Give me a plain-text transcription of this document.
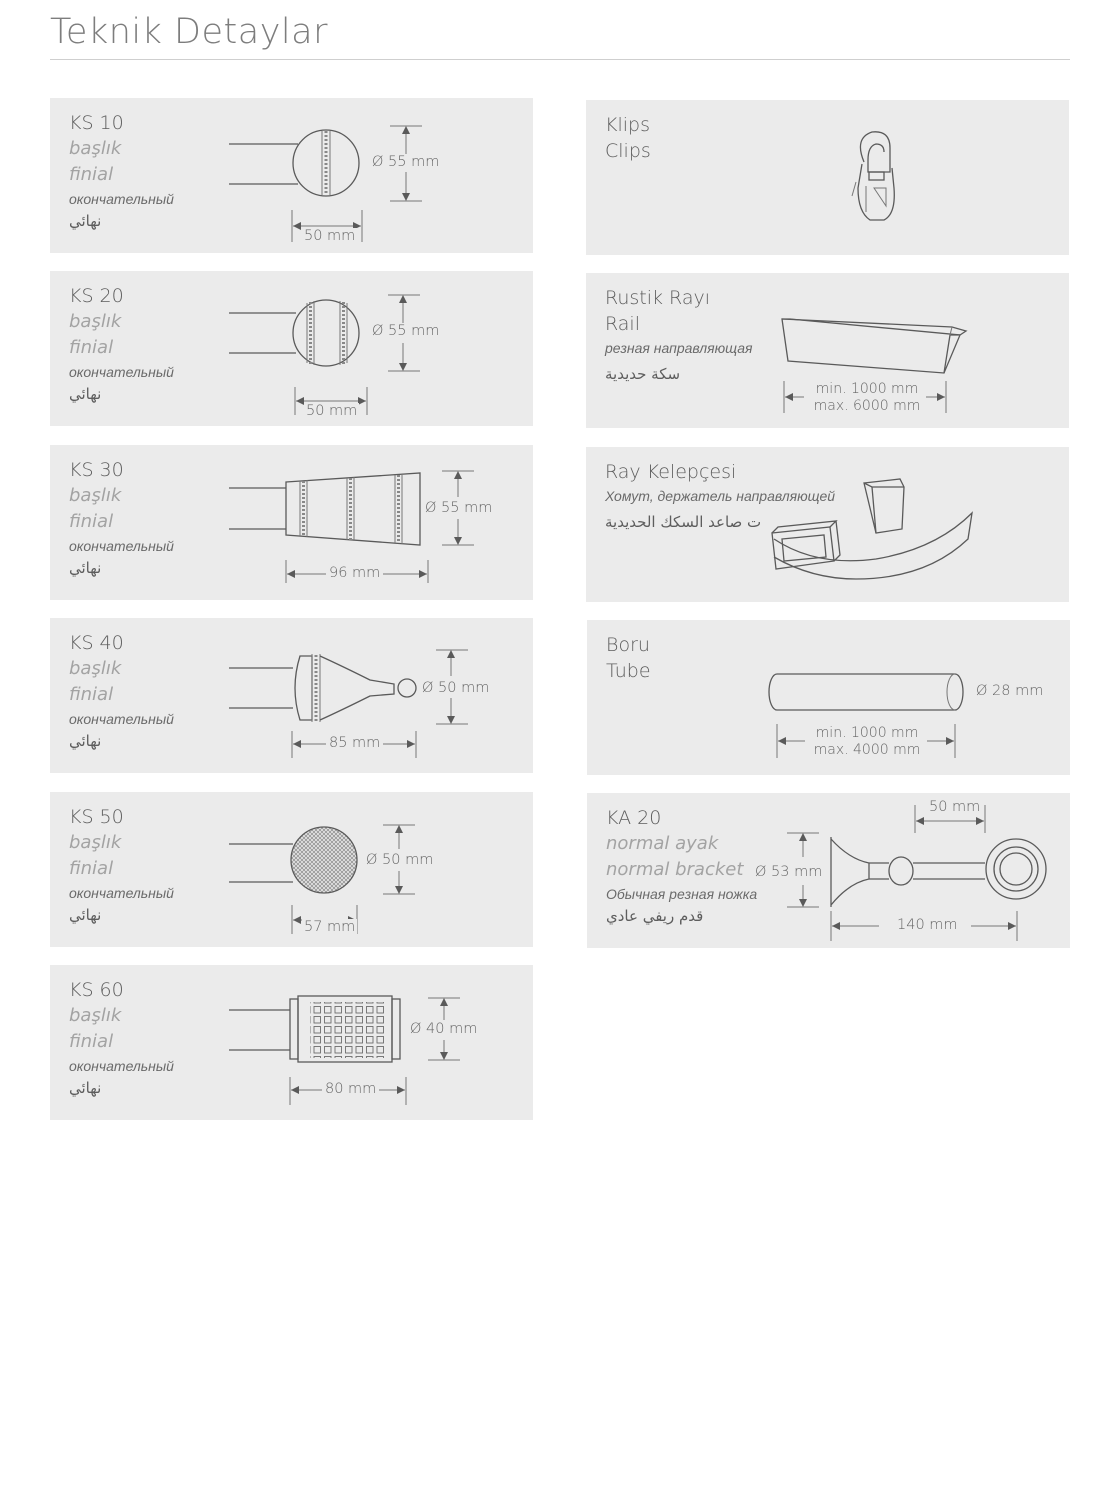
Teknik Detaylar
KS 10
başlık
finial
окончательный
نهائي
Ø 55 mm
50 mm
KS 20
başlık
finial
окончательный
نهائي
Ø 55 mm
50 mm
KS 30
başlık
finial
окончательный
نهائي
Ø 55 mm
96 mm
KS 40
başlık
finial
окончательный
نهائي
Ø 50 mm
85 mm
KS 50
başlık
finial
окончательный
نهائي
Ø 50 mm
57 mm
KS 60
başlık
finial
окончательный
نهائي
Ø 40 mm
80 mm
Klips
Clips
Rustik Rayı
Rail
резная направляющая
سكة حديدية
min. 1000 mm
max. 6000 mm
Ray Kelepçesi
Хомут, держатель направляющей
ت صاعد السكك الحديدية
Boru
Tube
Ø 28 mm
min. 1000 mm
max. 4000 mm
KA 20
normal ayak
normal bracket
Обычная резная ножка
قدم ريفي عادي
Ø 53 mm
50 mm
140 mm
